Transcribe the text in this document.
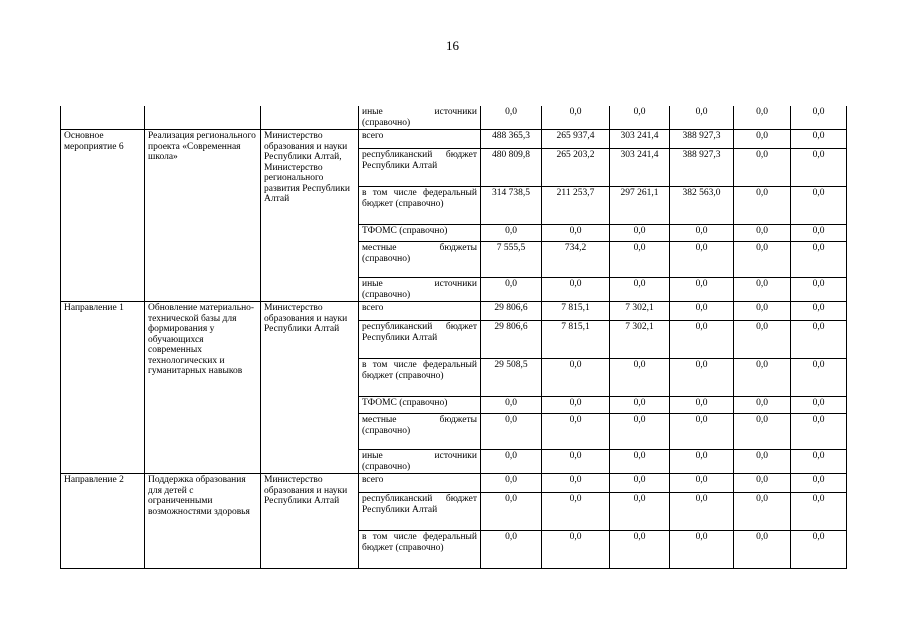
16
			иные источники (справочно)	0,0	0,0	0,0	0,0	0,0	0,0
Основное мероприятие 6	Реализация регионального проекта «Современная школа»	Министерство образования и науки Республики Алтай, Министерство регионального развития Республики Алтай	всего	488 365,3	265 937,4	303 241,4	388 927,3	0,0	0,0
			республиканский бюджет Республики Алтай	480 809,8	265 203,2	303 241,4	388 927,3	0,0	0,0
			в том числе федеральный бюджет (справочно)	314 738,5	211 253,7	297 261,1	382 563,0	0,0	0,0
			ТФОМС (справочно)	0,0	0,0	0,0	0,0	0,0	0,0
			местные бюджеты (справочно)	7 555,5	734,2	0,0	0,0	0,0	0,0
			иные источники (справочно)	0,0	0,0	0,0	0,0	0,0	0,0
Направление 1	Обновление материально-технической базы для формирования у обучающихся современных технологических и гуманитарных навыков	Министерство образования и науки Республики Алтай	всего	29 806,6	7 815,1	7 302,1	0,0	0,0	0,0
			республиканский бюджет Республики Алтай	29 806,6	7 815,1	7 302,1	0,0	0,0	0,0
			в том числе федеральный бюджет (справочно)	29 508,5	0,0	0,0	0,0	0,0	0,0
			ТФОМС (справочно)	0,0	0,0	0,0	0,0	0,0	0,0
			местные бюджеты (справочно)	0,0	0,0	0,0	0,0	0,0	0,0
			иные источники (справочно)	0,0	0,0	0,0	0,0	0,0	0,0
Направление 2	Поддержка образования для детей с ограниченными возможностями здоровья	Министерство образования и науки Республики Алтай	всего	0,0	0,0	0,0	0,0	0,0	0,0
			республиканский бюджет Республики Алтай	0,0	0,0	0,0	0,0	0,0	0,0
			в том числе федеральный бюджет (справочно)	0,0	0,0	0,0	0,0	0,0	0,0
